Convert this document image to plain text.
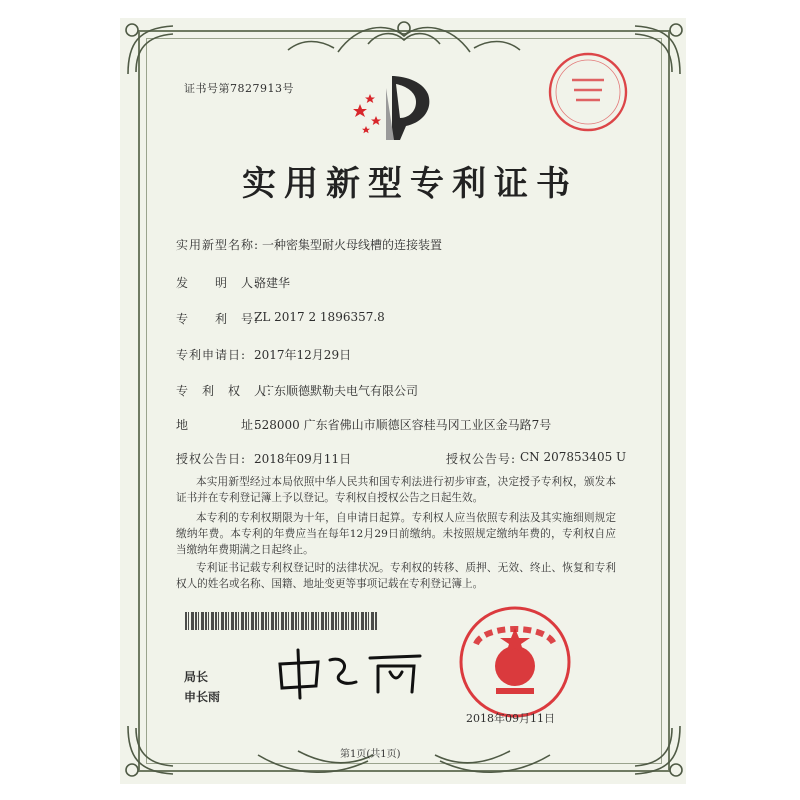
证书号第7827913号
实用新型专利证书
实用新型名称: 一种密集型耐火母线槽的连接装置
发　　明　人:
骆建华
专　　利　号:
ZL 2017 2 1896357.8
专利申请日: 2017年12月29日
专　利　权　人:
广东顺德默勒夫电气有限公司
地　　　　址:
528000 广东省佛山市顺德区容桂马冈工业区金马路7号
授权公告日: 2018年09月11日	授权公告号: CN 207853405 U
本实用新型经过本局依照中华人民共和国专利法进行初步审查，决定授予专利权，颁发本证书并在专利登记簿上予以登记。专利权自授权公告之日起生效。
本专利的专利权期限为十年，自申请日起算。专利权人应当依照专利法及其实施细则规定缴纳年费。本专利的年费应当在每年12月29日前缴纳。未按照规定缴纳年费的，专利权自应当缴纳年费期满之日起终止。
专利证书记载专利权登记时的法律状况。专利权的转移、质押、无效、终止、恢复和专利权人的姓名或名称、国籍、地址变更等事项记载在专利登记簿上。
局长
申长雨
2018年09月11日
第1页(共1页)
